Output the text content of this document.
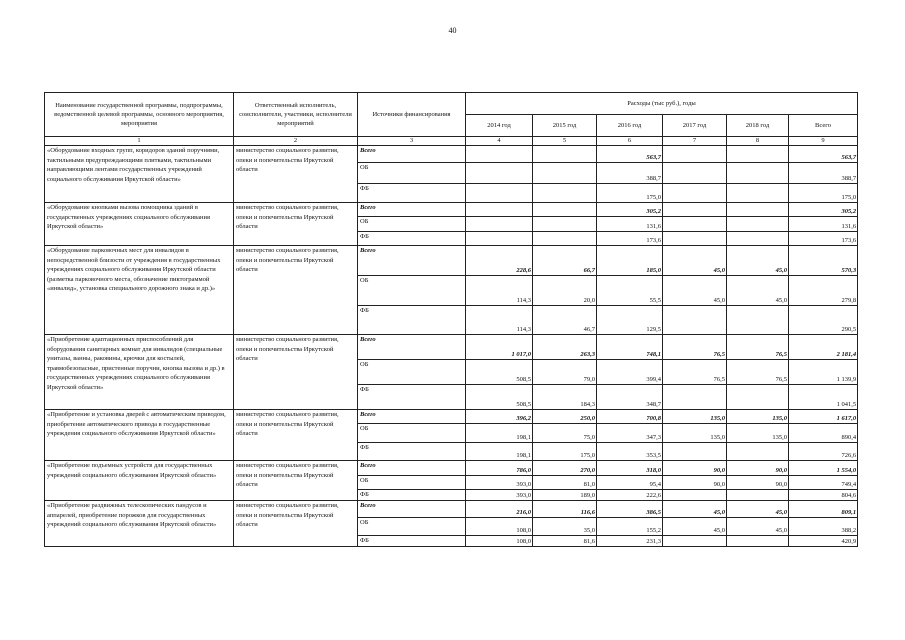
40
Наименование государственной программы, подпрограммы, ведомственной целевой программы, основного мероприятия, мероприятия	Ответственный исполнитель, соисполнители, участники, исполнители мероприятий	Источники финансирования	Расходы (тыс руб.), годы					
			2014 год	2015 год	2016 год	2017 год	2018 год	Всего
1	2	3	4	5	6	7	8	9
«Оборудование входных групп, коридоров зданий поручнями, тактильными предупреждающими плитками, тактильными направляющими лентами государственных учреждений социального обслуживания Иркутской области»	министерство социального развития, опеки и попечительства Иркутской области	Всего			563,7			563,7
		ОБ			388,7			388,7
		ФБ			175,0			175,0
«Оборудование кнопками вызова помощника зданий в государственных учреждениях социального обслуживания Иркутской области»	министерство социального развития, опеки и попечительства Иркутской области	Всего			305,2			305,2
		ОБ			131,6			131,6
		ФБ			173,6			173,6
«Оборудование парковочных мест для инвалидов в непосредственной близости от учреждения в государственных учреждениях социального обслуживания Иркутской области (разметка парковочного места, обозначение пиктограммой «инвалид», установка специального дорожного знака и др.)»	министерство социального развития, опеки и попечительства Иркутской области	Всего	228,6	66,7	185,0	45,0	45,0	570,3
		ОБ	114,3	20,0	55,5	45,0	45,0	279,8
		ФБ	114,3	46,7	129,5			290,5
«Приобретение адаптационных приспособлений для оборудования санитарных комнат для инвалидов (специальные унитазы, ванны, раковины, крючки для костылей, травмобезопасные, пристенные поручни, кнопка вызова и др.) в государственных учреждениях социального обслуживания Иркутской области»	министерство социального развития, опеки и попечительства Иркутской области	Всего	1 017,0	263,3	748,1	76,5	76,5	2 181,4
		ОБ	508,5	79,0	399,4	76,5	76,5	1 139,9
		ФБ	508,5	184,3	348,7			1 041,5
«Приобретение и установка дверей с автоматическим приводом, приобретение автоматического привода в государственные учреждения социального обслуживания Иркутской области»	министерство социального развития, опеки и попечительства Иркутской области	Всего	396,2	250,0	700,8	135,0	135,0	1 617,0
		ОБ	198,1	75,0	347,3	135,0	135,0	890,4
		ФБ	198,1	175,0	353,5			726,6
«Приобретение подъемных устройств для государственных учреждений социального обслуживания Иркутской области»	министерство социального развития, опеки и попечительства Иркутской области	Всего	786,0	270,0	318,0	90,0	90,0	1 554,0
		ОБ	393,0	81,0	95,4	90,0	90,0	749,4
		ФБ	393,0	189,0	222,6			804,6
«Приобретение раздвижных телескопических пандусов и аппарелей, приобретение порожков для государственных учреждений социального обслуживания Иркутской области»	министерство социального развития, опеки и попечительства Иркутской области	Всего	216,0	116,6	386,5	45,0	45,0	809,1
		ОБ	108,0	35,0	155,2	45,0	45,0	388,2
		ФБ	108,0	81,6	231,3			420,9
